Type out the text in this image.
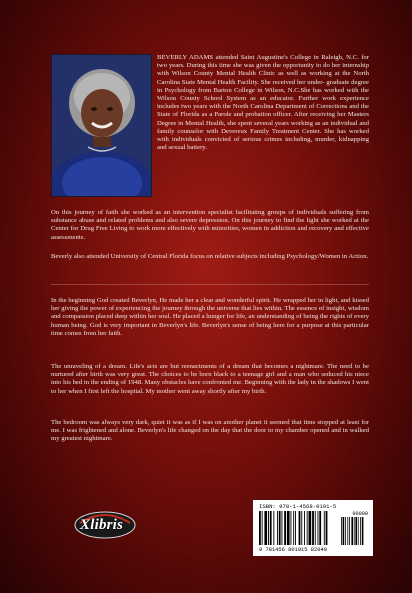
BEVERLY ADAMS attended Saint Augustine's College in Raleigh, N.C. for two years. During this time she was given the opportunity to do her internship with Wilson County Mental Health Clinic as well as working at the North Carolina State Mental Health Facility. She received her under- graduate degree in Psychology from Barton College in Wilson, N.C.She has worked with the Wilson County School System as an educator. Further work experience includes two years with the North Carolina Department of Corrections and the State of Florida as a Parole and probation officer. After receiving her Masters Degree in Mental Health, she spent several years working as an individual and family counselor with Devereux Family Treatment Center. She has worked with individuals convicted of serious crimes including, murder, kidnapping and sexual battery.

On this journey of faith she worked as an intervention specialist facilitating groups of individuals suffering from substance abuse and related problems and also severe depression. On this journey to find the light she worked at the Center for Drug Free Living to work more effectively with minorities, women in addiction and recovery and effective assessments.

Beverly also attended University of Central Florida focus on relative subjects including Psychology/Women in Action.

In the beginning God created Beverlyn, He made her a clear and wonderful spirit. He wrapped her in light, and kissed her giving the power of experiencing the journey through the universe that lies within. The essence of insight, wisdom and compassion placed deep within her soul. He placed a hunger for life, an understanding of being the rights of every human being. God is very important in Beverlyn's life. Beverlyn's sense of being here for a purpose at this particular time comes from her faith.

The unraveling of a dream. Life's acts are but reenactments of a dream that becomes a nightmare. The need to be nurtured after birth was very great. The choices to be born black to a teenage girl and a man who seduced his niece into his bed in the ending of 1948. Many obstacles have confronted me. Beginning with the lady in the shadows I went to her when I first left the hospital. My mother went away shortly after my birth.

The bedroom was always very dark, quiet it was as if I was on another planet it seemed that time stopped at least for me. I was frightened and alone. Beverlyn's life changed on the day that the door to my chamber opened and in walked my greatest nightmare.

Xlibris
ISBN: 978-1-4568-0191-5
90000
9 781456 801915 82040
